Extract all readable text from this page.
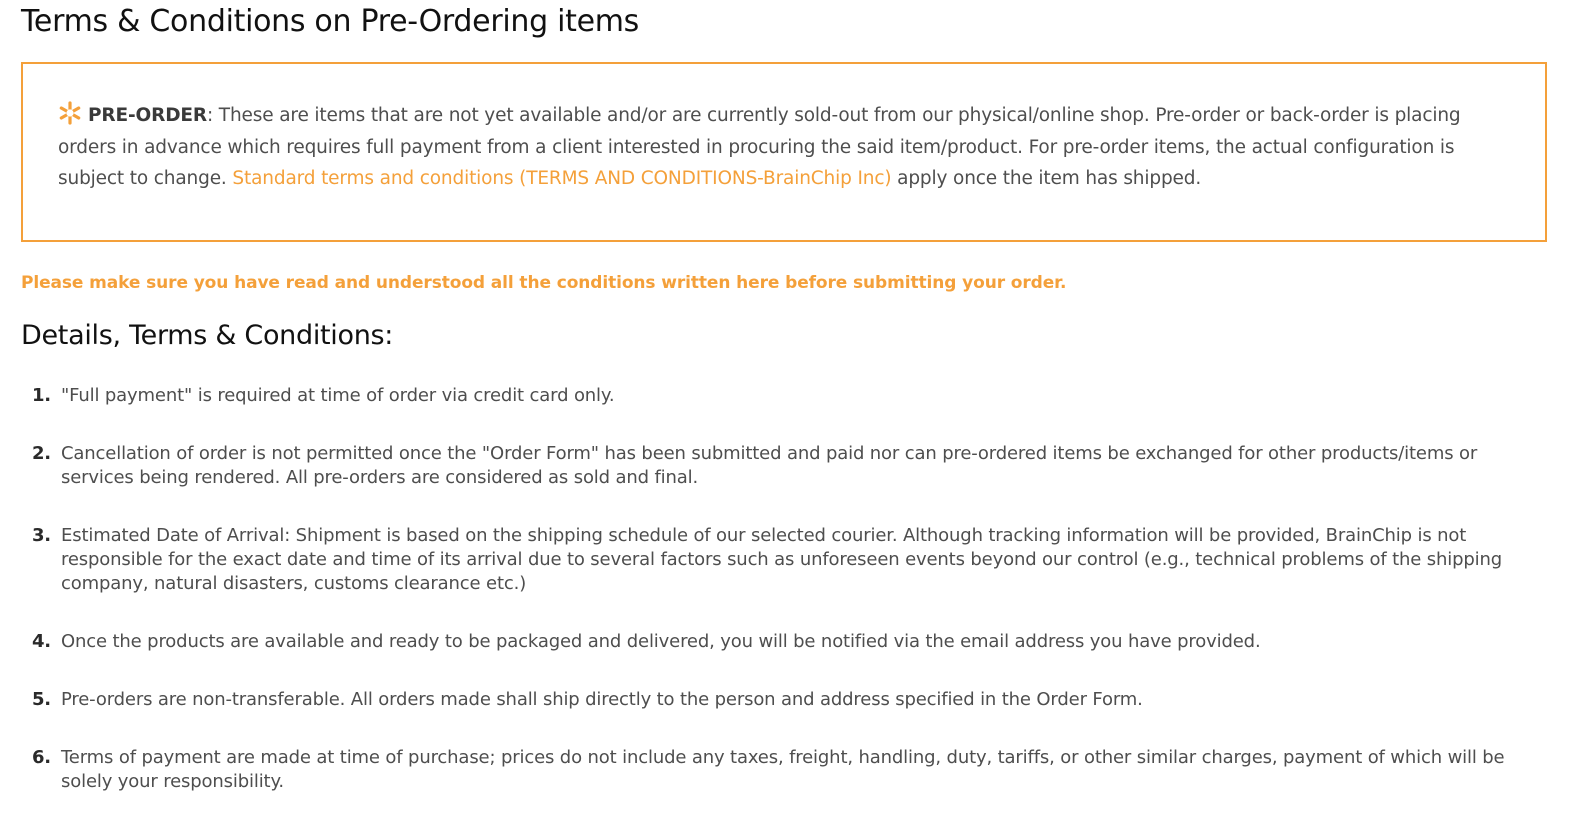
Terms & Conditions on Pre-Ordering items
PRE-ORDER: These are items that are not yet available and/or are currently sold-out from our physical/online shop. Pre-order or back-order is placing orders in advance which requires full payment from a client interested in procuring the said item/product. For pre-order items, the actual configuration is subject to change. Standard terms and conditions (TERMS AND CONDITIONS-BrainChip Inc) apply once the item has shipped.
Please make sure you have read and understood all the conditions written here before submitting your order.
Details, Terms & Conditions:
1. "Full payment" is required at time of order via credit card only.
2. Cancellation of order is not permitted once the "Order Form" has been submitted and paid nor can pre-ordered items be exchanged for other products/items or services being rendered. All pre-orders are considered as sold and final.
3. Estimated Date of Arrival: Shipment is based on the shipping schedule of our selected courier. Although tracking information will be provided, BrainChip is not responsible for the exact date and time of its arrival due to several factors such as unforeseen events beyond our control (e.g., technical problems of the shipping company, natural disasters, customs clearance etc.)
4. Once the products are available and ready to be packaged and delivered, you will be notified via the email address you have provided.
5. Pre-orders are non-transferable. All orders made shall ship directly to the person and address specified in the Order Form.
6. Terms of payment are made at time of purchase; prices do not include any taxes, freight, handling, duty, tariffs, or other similar charges, payment of which will be solely your responsibility.
